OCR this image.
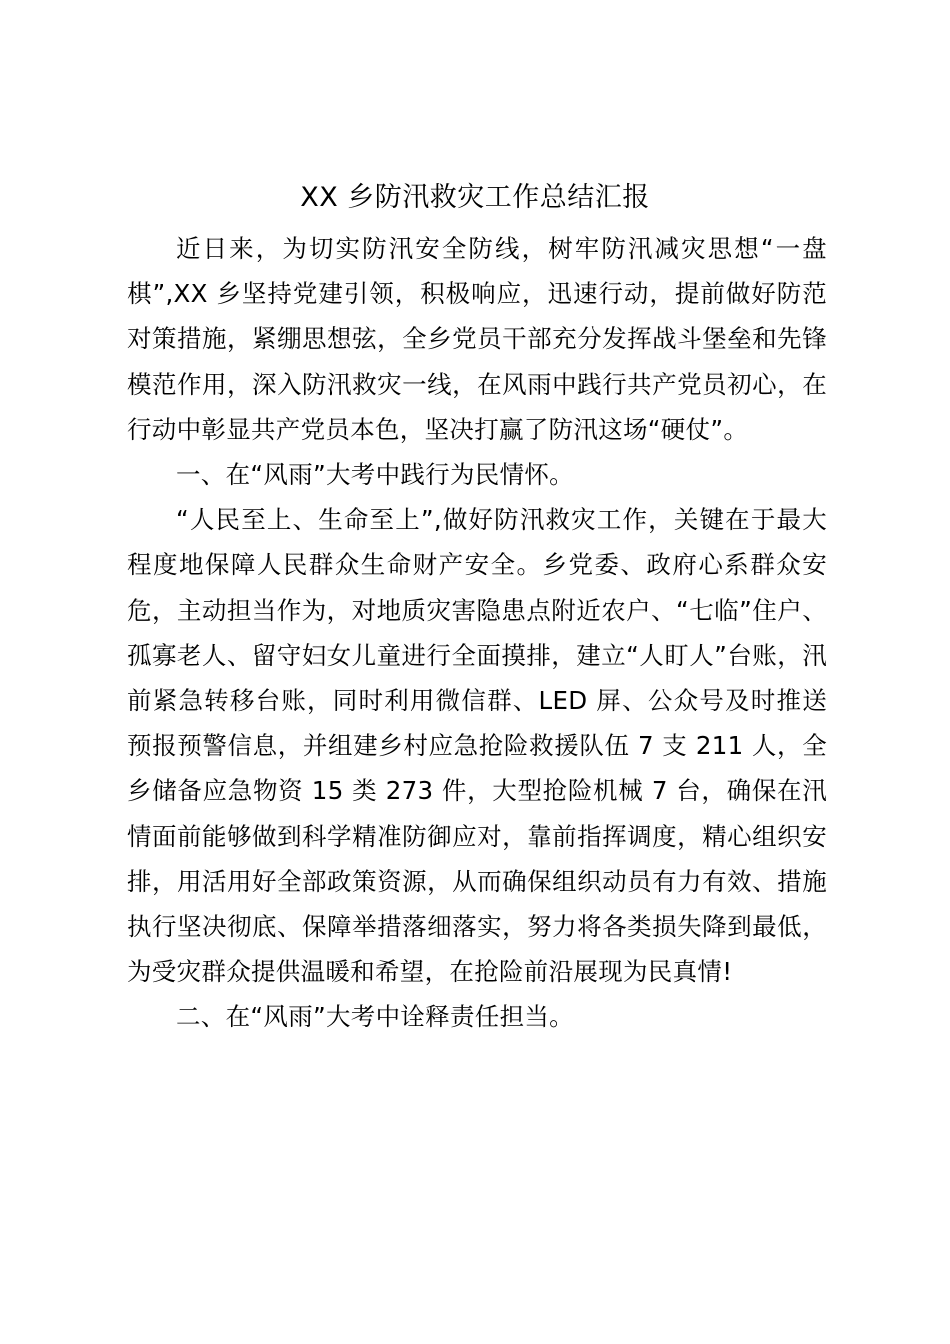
XX 乡防汛救灾工作总结汇报

近日来，为切实防汛安全防线，树牢防汛减灾思想“一盘棋”,XX 乡坚持党建引领，积极响应，迅速行动，提前做好防范对策措施，紧绷思想弦，全乡党员干部充分发挥战斗堡垒和先锋模范作用，深入防汛救灾一线，在风雨中践行共产党员初心，在行动中彰显共产党员本色，坚决打赢了防汛这场“硬仗”。

一、在“风雨”大考中践行为民情怀。

“人民至上、生命至上”,做好防汛救灾工作，关键在于最大程度地保障人民群众生命财产安全。乡党委、政府心系群众安危，主动担当作为，对地质灾害隐患点附近农户、“七临”住户、孤寡老人、留守妇女儿童进行全面摸排，建立“人盯人”台账，汛前紧急转移台账，同时利用微信群、LED 屏、公众号及时推送预报预警信息，并组建乡村应急抢险救援队伍 7 支 211 人，全乡储备应急物资 15 类 273 件，大型抢险机械 7 台，确保在汛情面前能够做到科学精准防御应对，靠前指挥调度，精心组织安排，用活用好全部政策资源，从而确保组织动员有力有效、措施执行坚决彻底、保障举措落细落实，努力将各类损失降到最低，为受灾群众提供温暖和希望，在抢险前沿展现为民真情!

二、在“风雨”大考中诠释责任担当。
